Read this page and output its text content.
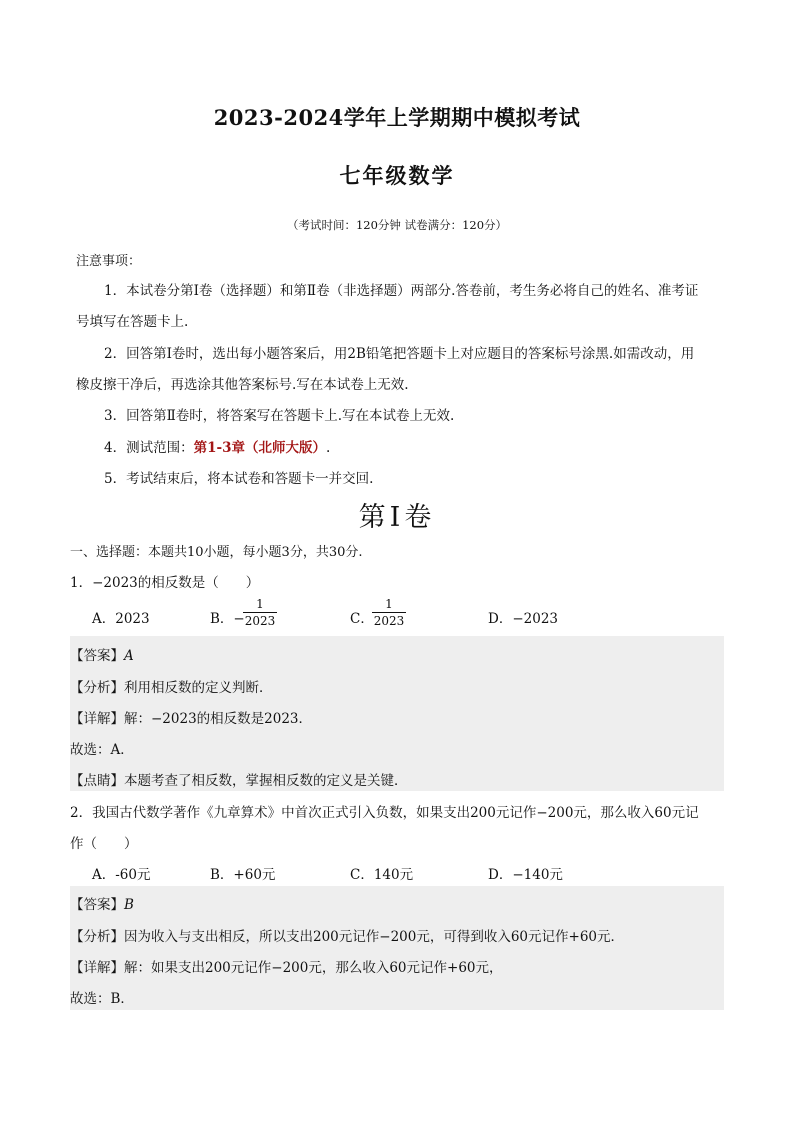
2023-2024学年上学期期中模拟考试
七年级数学
（考试时间：120分钟 试卷满分：120分）
注意事项：
1．本试卷分第Ⅰ卷（选择题）和第Ⅱ卷（非选择题）两部分.答卷前，考生务必将自己的姓名、准考证
号填写在答题卡上.
2．回答第Ⅰ卷时，选出每小题答案后，用2B铅笔把答题卡上对应题目的答案标号涂黑.如需改动，用
橡皮擦干净后，再选涂其他答案标号.写在本试卷上无效.
3．回答第Ⅱ卷时，将答案写在答题卡上.写在本试卷上无效.
4．测试范围：第1-3章（北师大版）.
5．考试结束后，将本试卷和答题卡一并交回.
第Ⅰ卷
一、选择题：本题共10小题，每小题3分，共30分.
1．−2023的相反数是（　　）
A．2023	B．−
$\frac{1}{2023}$	C．
$\frac{1}{2023}$	D．−2023
【答案】A
【分析】利用相反数的定义判断．
【详解】解：−2023的相反数是2023．
故选：A．
【点睛】本题考查了相反数，掌握相反数的定义是关键．
2．我国古代数学著作《九章算术》中首次正式引入负数，如果支出200元记作−200元，那么收入60元记
作（　　）
A．-60元	B．+60元	C．140元	D．−140元
【答案】B
【分析】因为收入与支出相反，所以支出200元记作−200元，可得到收入60元记作+60元．
【详解】解：如果支出200元记作−200元，那么收入60元记作+60元，
故选：B．
